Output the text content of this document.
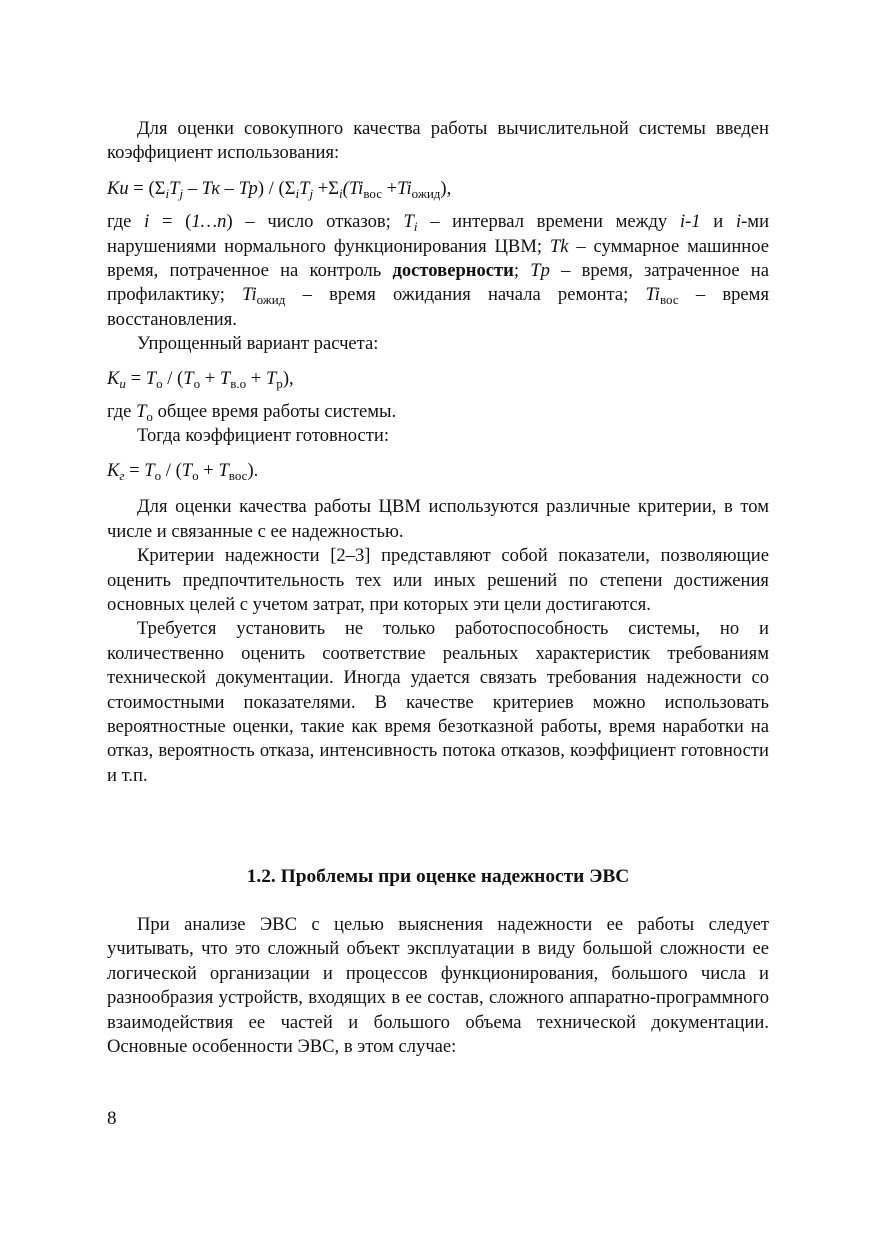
Для оценки совокупного качества работы вычислительной системы введен коэффициент использования:

Ки = ($\Sigma_iT_j$ – Тк – $Тр) / (\Sigma_iT_j +\Sigma_i(Ti_{вос} +Ti_{ожид})$,

где i = (1…n) – число отказов; $T_i$ – интервал времени между i-1 и i-ми нарушениями нормального функционирования ЦВМ; Tk – суммарное машинное время, потраченное на контроль достоверности; Tp – время, затраченное на профилактику; $Ti_{ожид}$ – время ожидания начала ремонта; $Ti_{вос}$ – время восстановления.

Упрощенный вариант расчета:

$K_и = T_о / (T_о + T_{в.о} + T_р)$,

где $T_о$ общее время работы системы.

Тогда коэффициент готовности:

$K_г = T_о / (T_о + T_{вос})$.

Для оценки качества работы ЦВМ используются различные критерии, в том числе и связанные с ее надежностью.

Критерии надежности [2–3] представляют собой показатели, позволяющие оценить предпочтительность тех или иных решений по степени достижения основных целей с учетом затрат, при которых эти цели достигаются.

Требуется установить не только работоспособность системы, но и количественно оценить соответствие реальных характеристик требованиям технической документации. Иногда удается связать требования надежности со стоимостными показателями. В качестве критериев можно использовать вероятностные оценки, такие как время безотказной работы, время наработки на отказ, вероятность отказа, интенсивность потока отказов, коэффициент готовности и т.п.

1.2. Проблемы при оценке надежности ЭВС

При анализе ЭВС с целью выяснения надежности ее работы следует учитывать, что это сложный объект эксплуатации в виду большой сложности ее логической организации и процессов функционирования, большого числа и разнообразия устройств, входящих в ее состав, сложного аппаратно-программного взаимодействия ее частей и большого объема технической документации. Основные особенности ЭВС, в этом случае:

8
